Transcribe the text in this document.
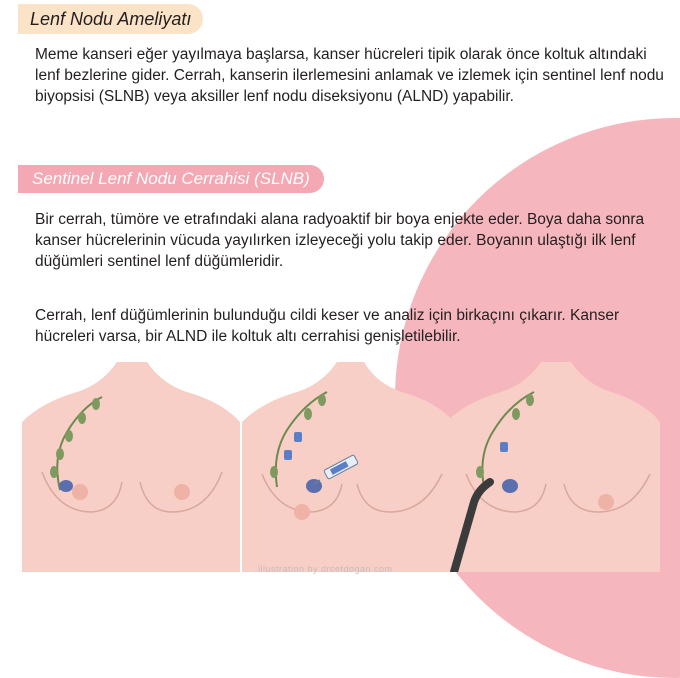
Lenf Nodu Ameliyatı

Meme kanseri eğer yayılmaya başlarsa, kanser hücreleri tipik olarak önce koltuk altındaki lenf bezlerine gider. Cerrah, kanserin ilerlemesini anlamak ve izlemek için sentinel lenf nodu biyopsisi (SLNB) veya aksiller lenf nodu diseksiyonu (ALND) yapabilir.

Sentinel Lenf Nodu Cerrahisi (SLNB)

Bir cerrah, tümöre ve etrafındaki alana radyoaktif bir boya enjekte eder. Boya daha sonra kanser hücrelerinin vücuda yayılırken izleyeceği yolu takip eder. Boyanın ulaştığı ilk lenf düğümleri sentinel lenf düğümleridir.

Cerrah, lenf düğümlerinin bulunduğu cildi keser ve analiz için birkaçını çıkarır. Kanser hücreleri varsa, bir ALND ile koltuk altı cerrahisi genişletilebilir.

illustration by drcetdogan.com
